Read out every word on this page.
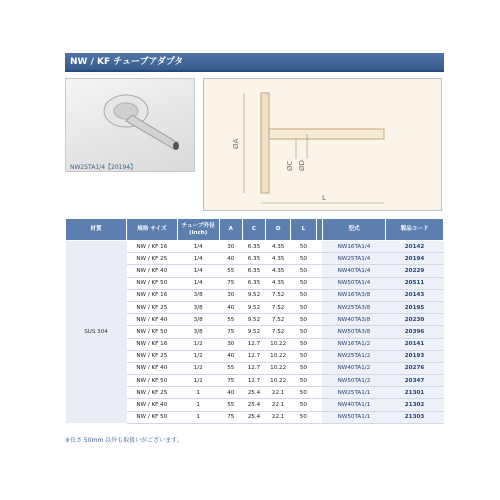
NW / KF チューブアダプタ
NW25TA1/4【20194】
ØA
ØC ØD
L
材質	規格 サイズ	チューブ外径 (inch)	A	C	D	L		型式	製品コード
SUS 304	NW / KF 16	1/4	30	6.35	4.35	50		NW16TA1/4	20142
	NW / KF 25	1/4	40	6.35	4.35	50		NW25TA1/4	20194
	NW / KF 40	1/4	55	6.35	4.35	50		NW40TA1/4	20229
	NW / KF 50	1/4	75	6.35	4.35	50		NW50TA1/4	20511
	NW / KF 16	3/8	30	9.52	7.52	50		NW16TA3/8	20143
	NW / KF 25	3/8	40	9.52	7.52	50		NW25TA3/8	20195
	NW / KF 40	3/8	55	9.52	7.52	50		NW40TA3/8	20230
	NW / KF 50	3/8	75	9.52	7.52	50		NW50TA3/8	20396
	NW / KF 16	1/2	30	12.7	10.22	50		NW16TA1/2	20141
	NW / KF 25	1/2	40	12.7	10.22	50		NW25TA1/2	20193
	NW / KF 40	1/2	55	12.7	10.22	50		NW40TA1/2	20276
	NW / KF 50	1/2	75	12.7	10.22	50		NW50TA1/2	20347
	NW / KF 25	1	40	25.4	22.1	50		NW25TA1/1	21301
	NW / KF 40	1	55	25.4	22.1	50		NW40TA1/1	21302
	NW / KF 50	1	75	25.4	22.1	50		NW50TA1/1	21303
※長さ 50mm 以外も取扱いがございます。
